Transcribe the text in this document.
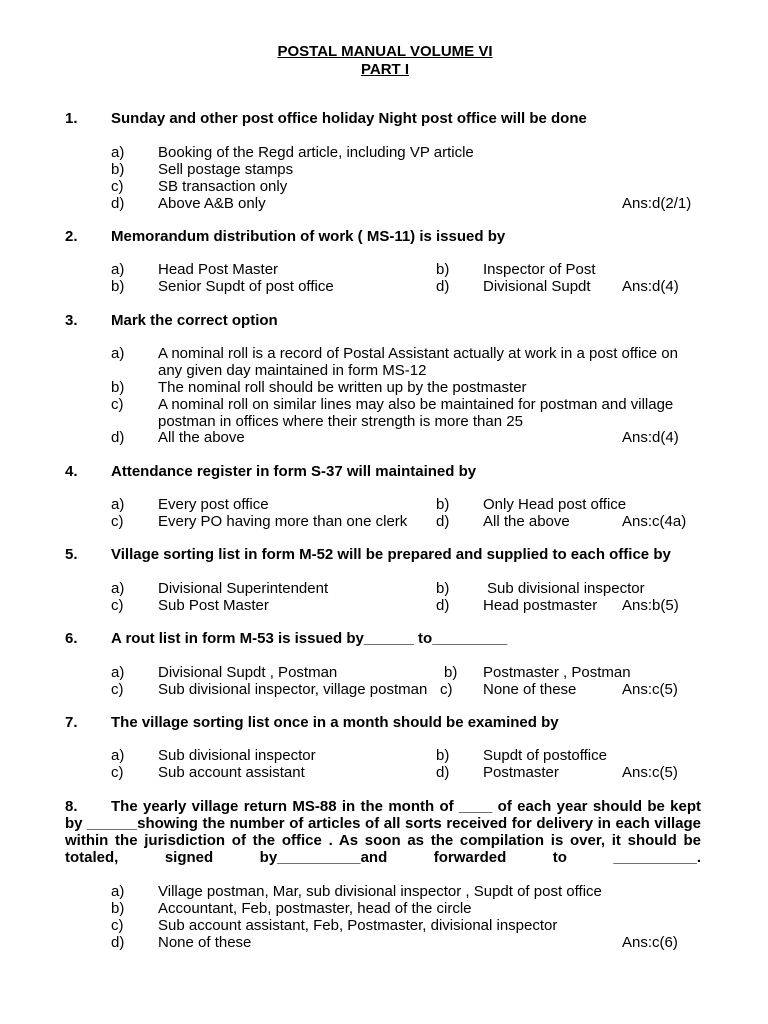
POSTAL MANUAL VOLUME VI
PART I
1. Sunday and other post office holiday Night post office will be done
a) Booking of the Regd article, including VP article
b) Sell postage stamps
c) SB transaction only
d) Above A&B only	Ans:d(2/1)
2. Memorandum distribution of work ( MS-11) is issued by
a) Head Post Master	b) Inspector of Post
b) Senior Supdt of post office	d) Divisional Supdt Ans:d(4)
3. Mark the correct option
a) A nominal roll is a record of Postal Assistant actually at work in a post office on any given day maintained in form MS-12
b) The nominal roll should be written up by the postmaster
c) A nominal roll on similar lines may also be maintained for postman and village postman in offices where their strength is more than 25
d) All the above	Ans:d(4)
4. Attendance register in form S-37 will maintained by
a) Every post office	b) Only Head post office
c) Every PO having more than one clerk d) All the above	Ans:c(4a)
5. Village sorting list in form M-52 will be prepared and supplied to each office by
a) Divisional Superintendent	b)	Sub divisional inspector
c) Sub Post Master	d) Head postmaster Ans:b(5)
6. A rout list in form M-53 is issued by______ to_________
a) Divisional Supdt , Postman	b) Postmaster , Postman
c) Sub divisional inspector, village postman c) None of these	Ans:c(5)
7. The village sorting list once in a month should be examined by
a) Sub divisional inspector	b) Supdt of postoffice
c) Sub account assistant	d) Postmaster	Ans:c(5)
8. The yearly village return MS-88 in the month of ____ of each year should be kept by ______showing the number of articles of all sorts received for delivery in each village within the jurisdiction of the office . As soon as the compilation is over, it should be totaled, signed by__________and forwarded to __________.
a) Village postman, Mar, sub divisional inspector , Supdt of post office
b) Accountant, Feb, postmaster, head of the circle
c) Sub account assistant, Feb, Postmaster, divisional inspector
d) None of these	Ans:c(6)
